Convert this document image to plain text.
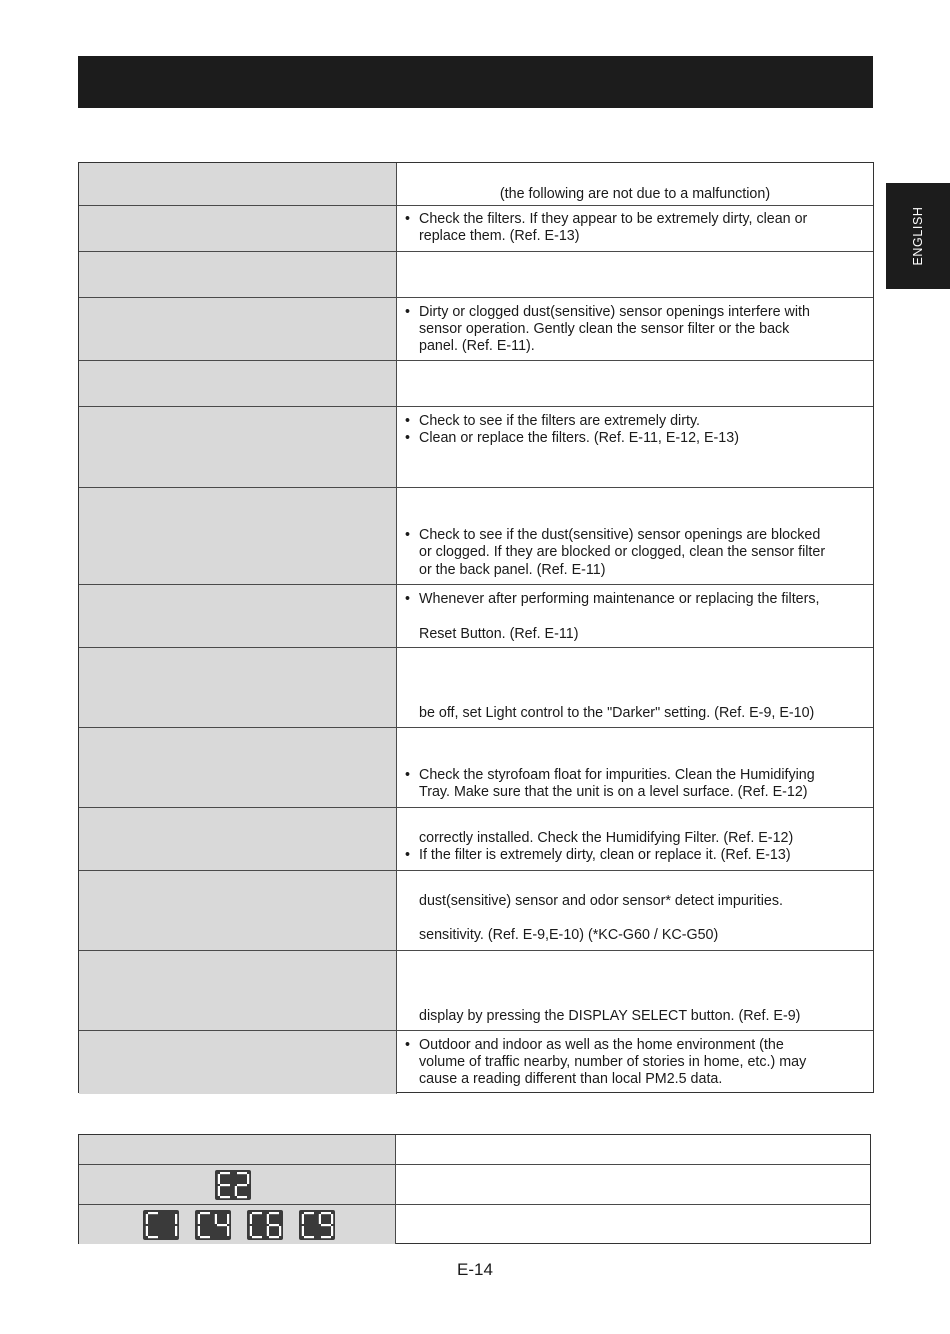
ENGLISH
(the following are not due to a malfunction)
• Check the filters. If they appear to be extremely dirty, clean or
replace them. (Ref. E-13)
• Dirty or clogged dust(sensitive) sensor openings interfere with
sensor operation. Gently clean the sensor filter or the back
panel. (Ref. E-11).
• Check to see if the filters are extremely dirty.
• Clean or replace the filters. (Ref. E-11, E-12, E-13)
• Check to see if the dust(sensitive) sensor openings are blocked
or clogged. If they are blocked or clogged, clean the sensor filter
or the back panel. (Ref. E-11)
• Whenever after performing maintenance or replacing the filters,
Reset Button. (Ref. E-11)
be off, set Light control to the "Darker" setting. (Ref. E-9, E-10)
• Check the styrofoam float for impurities. Clean the Humidifying
Tray. Make sure that the unit is on a level surface. (Ref. E-12)
correctly installed. Check the Humidifying Filter. (Ref. E-12)
• If the filter is extremely dirty, clean or replace it. (Ref. E-13)
dust(sensitive) sensor and odor sensor* detect impurities.
sensitivity. (Ref. E-9,E-10) (*KC-G60 / KC-G50)
display by pressing the DISPLAY SELECT button. (Ref. E-9)
• Outdoor and indoor as well as the home environment (the
volume of traffic nearby, number of stories in home, etc.) may
cause a reading different than local PM2.5 data.
E-14
